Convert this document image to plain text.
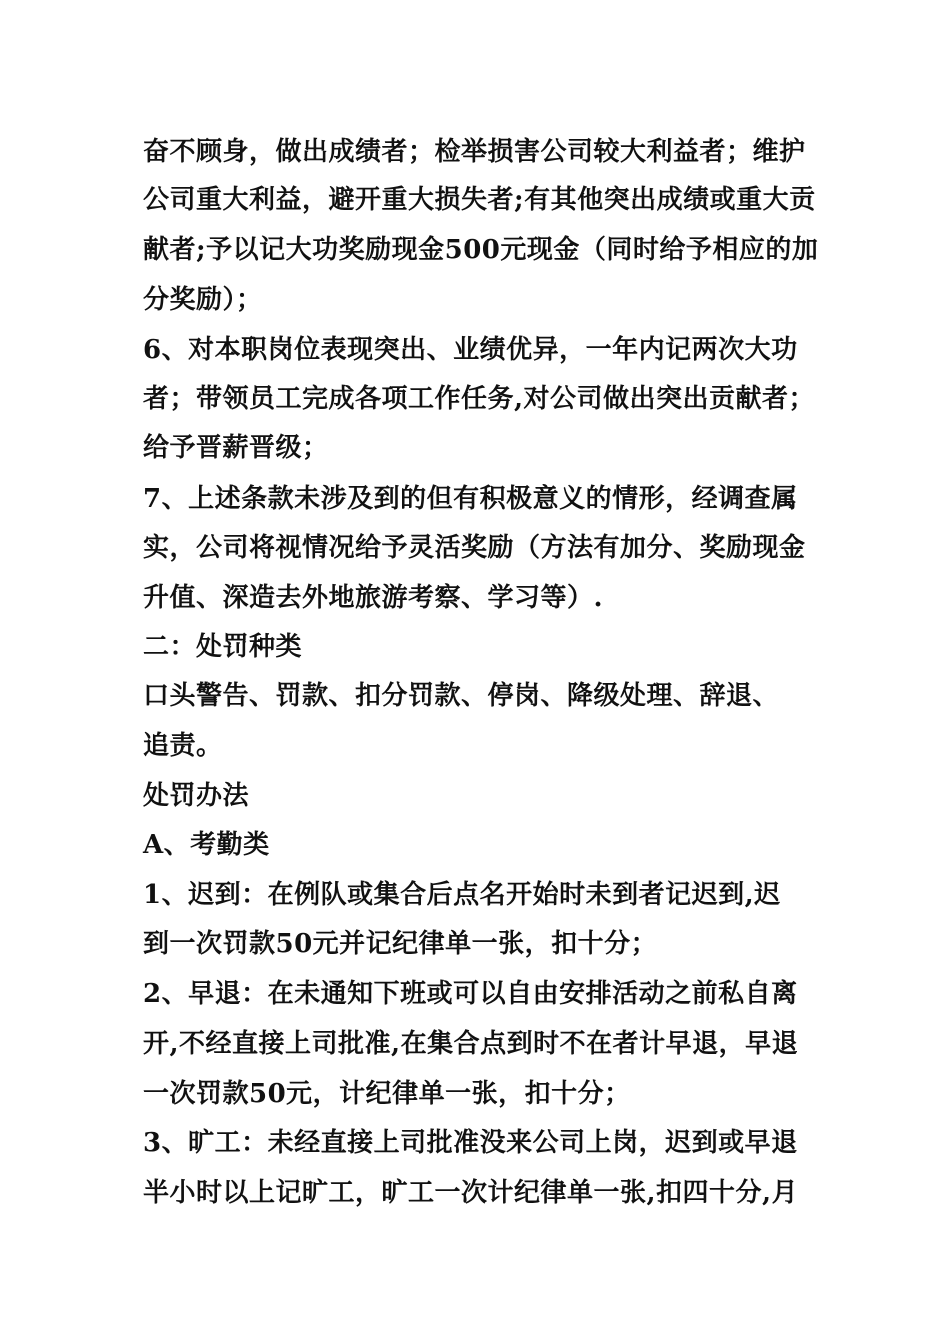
奋不顾身，做出成绩者；检举损害公司较大利益者；维护
公司重大利益，避开重大损失者;有其他突出成绩或重大贡
献者;予以记大功奖励现金500元现金（同时给予相应的加
分奖励）；
6、对本职岗位表现突出、业绩优异，一年内记两次大功
者；带领员工完成各项工作任务,对公司做出突出贡献者；
给予晋薪晋级；
7、上述条款未涉及到的但有积极意义的情形，经调查属
实，公司将视情况给予灵活奖励（方法有加分、奖励现金
升值、深造去外地旅游考察、学习等）.
二：处罚种类
口头警告、罚款、扣分罚款、停岗、降级处理、辞退、
追责。
处罚办法
A、考勤类
1、迟到：在例队或集合后点名开始时未到者记迟到,迟
到一次罚款50元并记纪律单一张，扣十分；
2、早退：在未通知下班或可以自由安排活动之前私自离
开,不经直接上司批准,在集合点到时不在者计早退，早退
一次罚款50元，计纪律单一张，扣十分；
3、旷工：未经直接上司批准没来公司上岗，迟到或早退
半小时以上记旷工，旷工一次计纪律单一张,扣四十分,月
